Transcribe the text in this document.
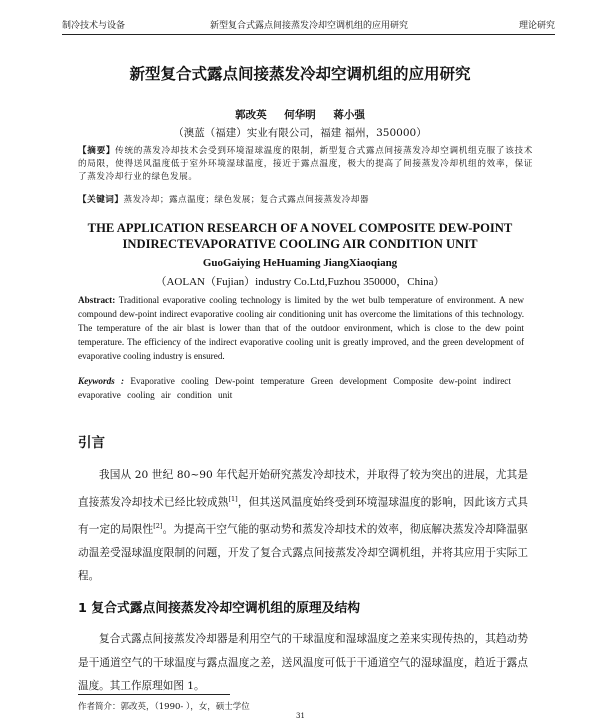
制冷技术与设备	新型复合式露点间接蒸发冷却空调机组的应用研究	理论研究
新型复合式露点间接蒸发冷却空调机组的应用研究
郭改英 何华明 蒋小强
（澳蓝（福建）实业有限公司，福建 福州，350000）
【摘要】传统的蒸发冷却技术会受到环境湿球温度的限制，新型复合式露点间接蒸发冷却空调机组克服了该技术的局限，使得送风温度低于室外环境湿球温度，接近于露点温度，极大的提高了间接蒸发冷却机组的效率，保证了蒸发冷却行业的绿色发展。
【关键词】蒸发冷却；露点温度；绿色发展；复合式露点间接蒸发冷却器
THE APPLICATION RESEARCH OF A NOVEL COMPOSITE DEW-POINT
INDIRECTEVAPORATIVE COOLING AIR CONDITION UNIT
GuoGaiying HeHuaming JiangXiaoqiang
（AOLAN（Fujian）industry Co.Ltd,Fuzhou 350000，China）
Abstract: Traditional evaporative cooling technology is limited by the wet bulb temperature of environment. A new compound dew-point indirect evaporative cooling air conditioning unit has overcome the limitations of this technology. The temperature of the air blast is lower than that of the outdoor environment, which is close to the dew point temperature. The efficiency of the indirect evaporative cooling unit is greatly improved, and the green development of evaporative cooling industry is ensured.
Keywords : Evaporative cooling Dew-point temperature Green development Composite dew-point indirect evaporative cooling air condition unit
引言
我国从 20 世纪 80~90 年代起开始研究蒸发冷却技术，并取得了较为突出的进展，尤其是直接蒸发冷却技术已经比较成熟[1]，但其送风温度始终受到环境湿球温度的影响，因此该方式具有一定的局限性[2]。为提高干空气能的驱动势和蒸发冷却技术的效率，彻底解决蒸发冷却降温驱动温差受湿球温度限制的问题，开发了复合式露点间接蒸发冷却空调机组，并将其应用于实际工程。
1 复合式露点间接蒸发冷却空调机组的原理及结构
复合式露点间接蒸发冷却器是利用空气的干球温度和湿球温度之差来实现传热的，其趋动势是干通道空气的干球温度与露点温度之差，送风温度可低于干通道空气的湿球温度，趋近于露点温度。其工作原理如图 1。
作者简介：郭改英，（1990- ），女，硕士学位
31
